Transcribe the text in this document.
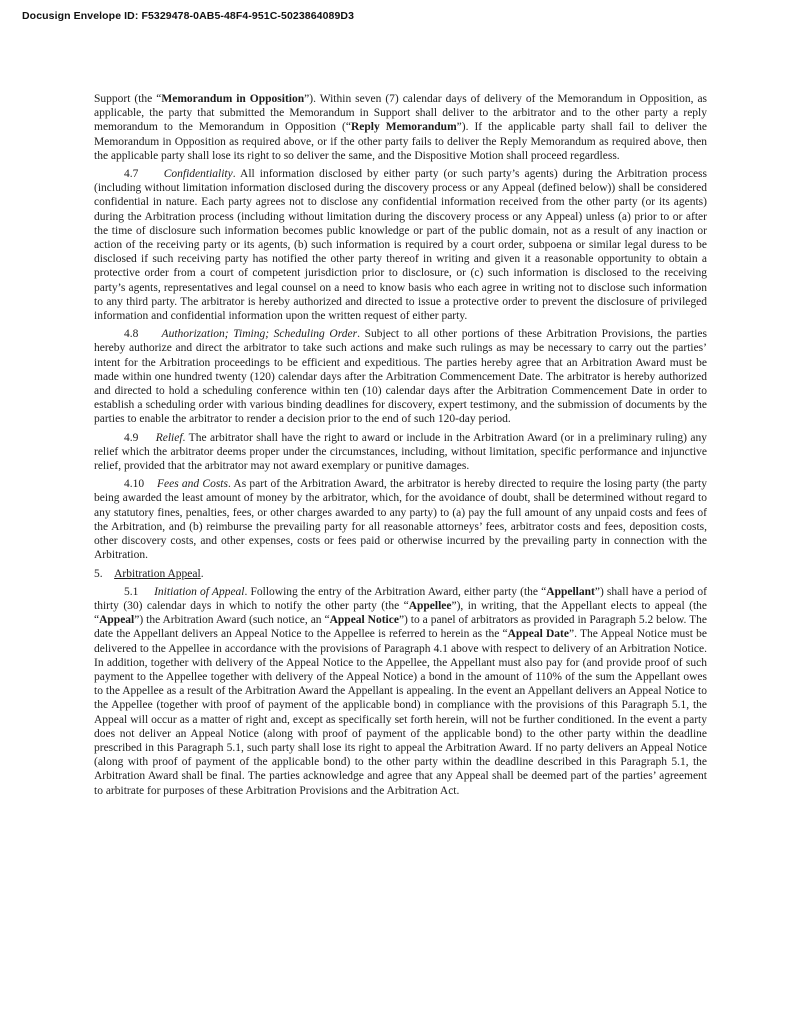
Docusign Envelope ID: F5329478-0AB5-48F4-951C-5023864089D3
Support (the “Memorandum in Opposition”). Within seven (7) calendar days of delivery of the Memorandum in Opposition, as applicable, the party that submitted the Memorandum in Support shall deliver to the arbitrator and to the other party a reply memorandum to the Memorandum in Opposition (“Reply Memorandum”). If the applicable party shall fail to deliver the Memorandum in Opposition as required above, or if the other party fails to deliver the Reply Memorandum as required above, then the applicable party shall lose its right to so deliver the same, and the Dispositive Motion shall proceed regardless.
4.7     Confidentiality. All information disclosed by either party (or such party’s agents) during the Arbitration process (including without limitation information disclosed during the discovery process or any Appeal (defined below)) shall be considered confidential in nature. Each party agrees not to disclose any confidential information received from the other party (or its agents) during the Arbitration process (including without limitation during the discovery process or any Appeal) unless (a) prior to or after the time of disclosure such information becomes public knowledge or part of the public domain, not as a result of any inaction or action of the receiving party or its agents, (b) such information is required by a court order, subpoena or similar legal duress to be disclosed if such receiving party has notified the other party thereof in writing and given it a reasonable opportunity to obtain a protective order from a court of competent jurisdiction prior to disclosure, or (c) such information is disclosed to the receiving party’s agents, representatives and legal counsel on a need to know basis who each agree in writing not to disclose such information to any third party. The arbitrator is hereby authorized and directed to issue a protective order to prevent the disclosure of privileged information and confidential information upon the written request of either party.
4.8     Authorization; Timing; Scheduling Order. Subject to all other portions of these Arbitration Provisions, the parties hereby authorize and direct the arbitrator to take such actions and make such rulings as may be necessary to carry out the parties’ intent for the Arbitration proceedings to be efficient and expeditious. The parties hereby agree that an Arbitration Award must be made within one hundred twenty (120) calendar days after the Arbitration Commencement Date. The arbitrator is hereby authorized and directed to hold a scheduling conference within ten (10) calendar days after the Arbitration Commencement Date in order to establish a scheduling order with various binding deadlines for discovery, expert testimony, and the submission of documents by the parties to enable the arbitrator to render a decision prior to the end of such 120-day period.
4.9     Relief. The arbitrator shall have the right to award or include in the Arbitration Award (or in a preliminary ruling) any relief which the arbitrator deems proper under the circumstances, including, without limitation, specific performance and injunctive relief, provided that the arbitrator may not award exemplary or punitive damages.
4.10    Fees and Costs. As part of the Arbitration Award, the arbitrator is hereby directed to require the losing party (the party being awarded the least amount of money by the arbitrator, which, for the avoidance of doubt, shall be determined without regard to any statutory fines, penalties, fees, or other charges awarded to any party) to (a) pay the full amount of any unpaid costs and fees of the Arbitration, and (b) reimburse the prevailing party for all reasonable attorneys’ fees, arbitrator costs and fees, deposition costs, other discovery costs, and other expenses, costs or fees paid or otherwise incurred by the prevailing party in connection with the Arbitration.
5.    Arbitration Appeal.
5.1     Initiation of Appeal. Following the entry of the Arbitration Award, either party (the “Appellant”) shall have a period of thirty (30) calendar days in which to notify the other party (the “Appellee”), in writing, that the Appellant elects to appeal (the “Appeal”) the Arbitration Award (such notice, an “Appeal Notice”) to a panel of arbitrators as provided in Paragraph 5.2 below. The date the Appellant delivers an Appeal Notice to the Appellee is referred to herein as the “Appeal Date”. The Appeal Notice must be delivered to the Appellee in accordance with the provisions of Paragraph 4.1 above with respect to delivery of an Arbitration Notice. In addition, together with delivery of the Appeal Notice to the Appellee, the Appellant must also pay for (and provide proof of such payment to the Appellee together with delivery of the Appeal Notice) a bond in the amount of 110% of the sum the Appellant owes to the Appellee as a result of the Arbitration Award the Appellant is appealing. In the event an Appellant delivers an Appeal Notice to the Appellee (together with proof of payment of the applicable bond) in compliance with the provisions of this Paragraph 5.1, the Appeal will occur as a matter of right and, except as specifically set forth herein, will not be further conditioned. In the event a party does not deliver an Appeal Notice (along with proof of payment of the applicable bond) to the other party within the deadline prescribed in this Paragraph 5.1, such party shall lose its right to appeal the Arbitration Award. If no party delivers an Appeal Notice (along with proof of payment of the applicable bond) to the other party within the deadline described in this Paragraph 5.1, the Arbitration Award shall be final. The parties acknowledge and agree that any Appeal shall be deemed part of the parties’ agreement to arbitrate for purposes of these Arbitration Provisions and the Arbitration Act.
